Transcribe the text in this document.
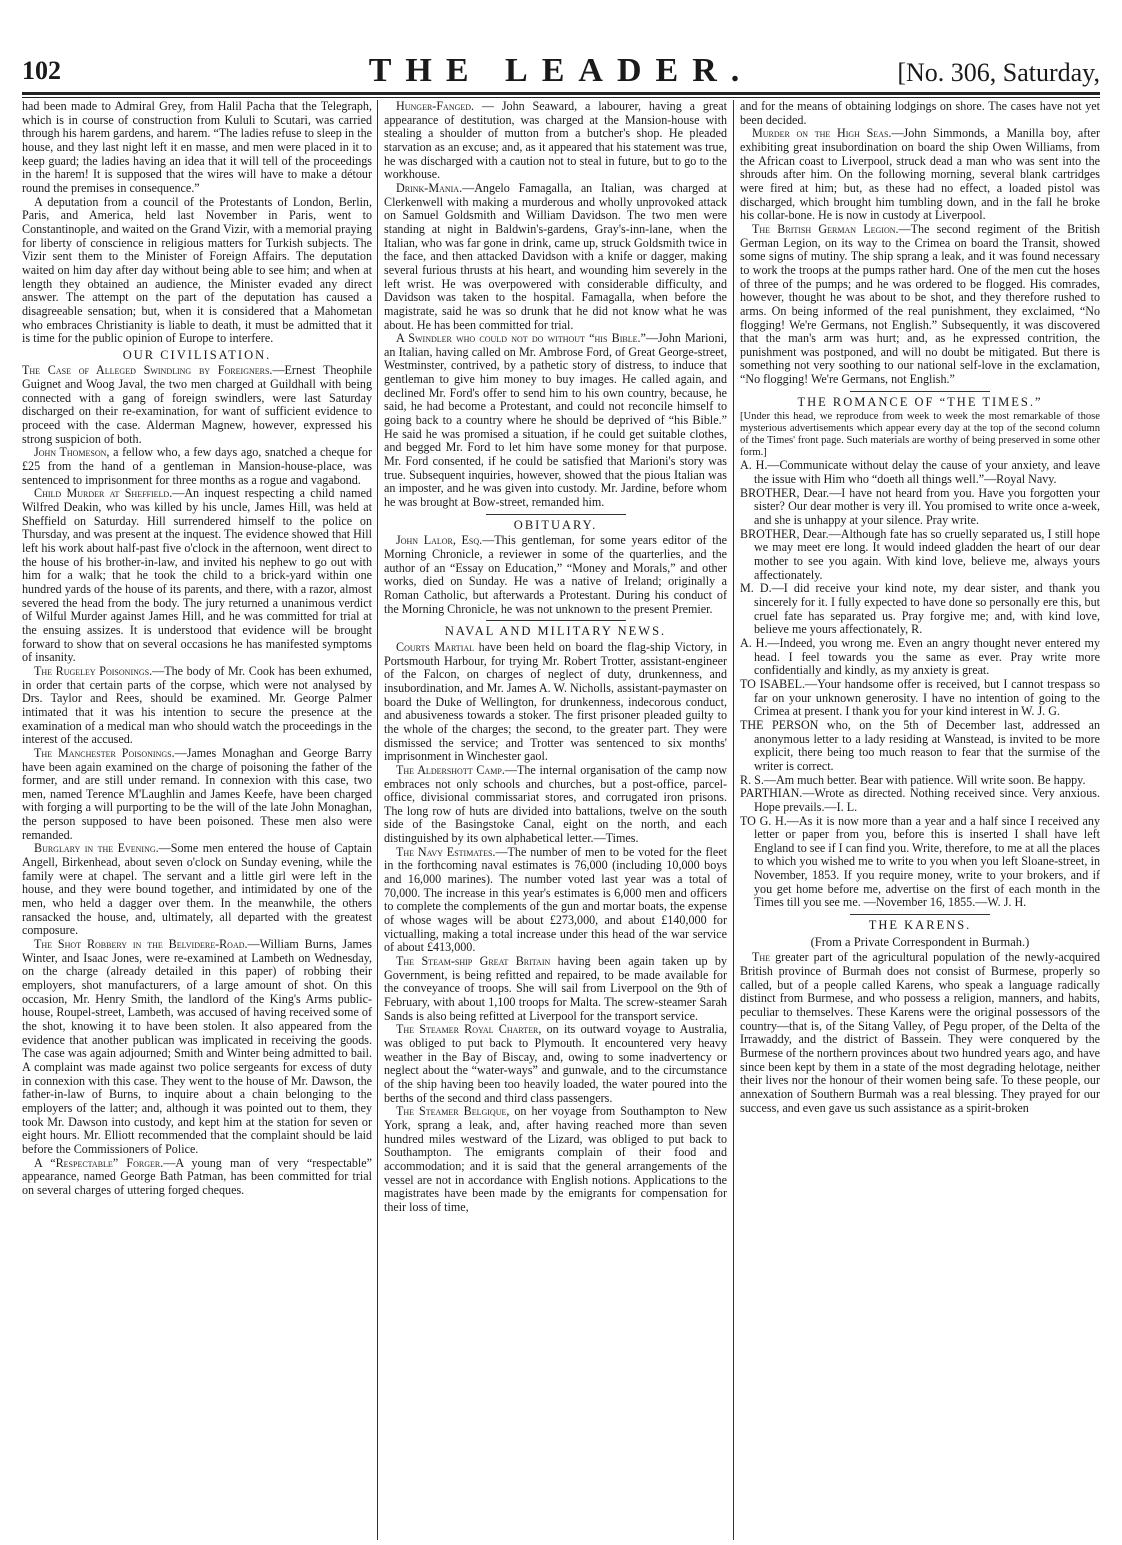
102	THE LEADER.	[No. 306, Saturday,

had been made to Admiral Grey, from Halil Pacha that the Telegraph, which is in course of construction from Kululi to Scutari, was carried through his harem gardens, and harem. “The ladies refuse to sleep in the house, and they last night left it en masse, and men were placed in it to keep guard; the ladies having an idea that it will tell of the proceedings in the harem! It is supposed that the wires will have to make a détour round the premises in consequence.”

A deputation from a council of the Protestants of London, Berlin, Paris, and America, held last November in Paris, went to Constantinople, and waited on the Grand Vizir, with a memorial praying for liberty of conscience in religious matters for Turkish subjects. The Vizir sent them to the Minister of Foreign Affairs. The deputation waited on him day after day without being able to see him; and when at length they obtained an audience, the Minister evaded any direct answer. The attempt on the part of the deputation has caused a disagreeable sensation; but, when it is considered that a Mahometan who embraces Christianity is liable to death, it must be admitted that it is time for the public opinion of Europe to interfere.

OUR CIVILISATION.

The Case of Alleged Swindling by Foreigners.—Ernest Theophile Guignet and Woog Javal, the two men charged at Guildhall with being connected with a gang of foreign swindlers, were last Saturday discharged on their re-examination, for want of sufficient evidence to proceed with the case. Alderman Magnew, however, expressed his strong suspicion of both.

John Thomeson, a fellow who, a few days ago, snatched a cheque for £25 from the hand of a gentleman in Mansion-house-place, was sentenced to imprisonment for three months as a rogue and vagabond.

Child Murder at Sheffield.—An inquest respecting a child named Wilfred Deakin, who was killed by his uncle, James Hill, was held at Sheffield on Saturday. Hill surrendered himself to the police on Thursday, and was present at the inquest. The evidence showed that Hill left his work about half-past five o'clock in the afternoon, went direct to the house of his brother-in-law, and invited his nephew to go out with him for a walk; that he took the child to a brick-yard within one hundred yards of the house of its parents, and there, with a razor, almost severed the head from the body. The jury returned a unanimous verdict of Wilful Murder against James Hill, and he was committed for trial at the ensuing assizes. It is understood that evidence will be brought forward to show that on several occasions he has manifested symptoms of insanity.

The Rugeley Poisonings.—The body of Mr. Cook has been exhumed, in order that certain parts of the corpse, which were not analysed by Drs. Taylor and Rees, should be examined. Mr. George Palmer intimated that it was his intention to secure the presence at the examination of a medical man who should watch the proceedings in the interest of the accused.

The Manchester Poisonings.—James Monaghan and George Barry have been again examined on the charge of poisoning the father of the former, and are still under remand. In connexion with this case, two men, named Terence M'Laughlin and James Keefe, have been charged with forging a will purporting to be the will of the late John Monaghan, the person supposed to have been poisoned. These men also were remanded.

Burglary in the Evening.—Some men entered the house of Captain Angell, Birkenhead, about seven o'clock on Sunday evening, while the family were at chapel. The servant and a little girl were left in the house, and they were bound together, and intimidated by one of the men, who held a dagger over them. In the meanwhile, the others ransacked the house, and, ultimately, all departed with the greatest composure.

The Shot Robbery in the Belvidere-Road.—William Burns, James Winter, and Isaac Jones, were re-examined at Lambeth on Wednesday, on the charge (already detailed in this paper) of robbing their employers, shot manufacturers, of a large amount of shot. On this occasion, Mr. Henry Smith, the landlord of the King's Arms public-house, Roupel-street, Lambeth, was accused of having received some of the shot, knowing it to have been stolen. It also appeared from the evidence that another publican was implicated in receiving the goods. The case was again adjourned; Smith and Winter being admitted to bail. A complaint was made against two police sergeants for excess of duty in connexion with this case. They went to the house of Mr. Dawson, the father-in-law of Burns, to inquire about a chain belonging to the employers of the latter; and, although it was pointed out to them, they took Mr. Dawson into custody, and kept him at the station for seven or eight hours. Mr. Elliott recommended that the complaint should be laid before the Commissioners of Police.

A “Respectable” Forger.—A young man of very “respectable” appearance, named George Bath Patman, has been committed for trial on several charges of uttering forged cheques.

Hunger-Fanged. — John Seaward, a labourer, having a great appearance of destitution, was charged at the Mansion-house with stealing a shoulder of mutton from a butcher's shop. He pleaded starvation as an excuse; and, as it appeared that his statement was true, he was discharged with a caution not to steal in future, but to go to the workhouse.

Drink-Mania.—Angelo Famagalla, an Italian, was charged at Clerkenwell with making a murderous and wholly unprovoked attack on Samuel Goldsmith and William Davidson. The two men were standing at night in Baldwin's-gardens, Gray's-inn-lane, when the Italian, who was far gone in drink, came up, struck Goldsmith twice in the face, and then attacked Davidson with a knife or dagger, making several furious thrusts at his heart, and wounding him severely in the left wrist. He was overpowered with considerable difficulty, and Davidson was taken to the hospital. Famagalla, when before the magistrate, said he was so drunk that he did not know what he was about. He has been committed for trial.

A Swindler who could not do without “his Bible.”—John Marioni, an Italian, having called on Mr. Ambrose Ford, of Great George-street, Westminster, contrived, by a pathetic story of distress, to induce that gentleman to give him money to buy images. He called again, and declined Mr. Ford's offer to send him to his own country, because, he said, he had become a Protestant, and could not reconcile himself to going back to a country where he should be deprived of “his Bible.” He said he was promised a situation, if he could get suitable clothes, and begged Mr. Ford to let him have some money for that purpose. Mr. Ford consented, if he could be satisfied that Marioni's story was true. Subsequent inquiries, however, showed that the pious Italian was an imposter, and he was given into custody. Mr. Jardine, before whom he was brought at Bow-street, remanded him.

OBITUARY.

John Lalor, Esq.—This gentleman, for some years editor of the Morning Chronicle, a reviewer in some of the quarterlies, and the author of an “Essay on Education,” “Money and Morals,” and other works, died on Sunday. He was a native of Ireland; originally a Roman Catholic, but afterwards a Protestant. During his conduct of the Morning Chronicle, he was not unknown to the present Premier.

NAVAL AND MILITARY NEWS.

Courts Martial have been held on board the flag-ship Victory, in Portsmouth Harbour, for trying Mr. Robert Trotter, assistant-engineer of the Falcon, on charges of neglect of duty, drunkenness, and insubordination, and Mr. James A. W. Nicholls, assistant-paymaster on board the Duke of Wellington, for drunkenness, indecorous conduct, and abusiveness towards a stoker. The first prisoner pleaded guilty to the whole of the charges; the second, to the greater part. They were dismissed the service; and Trotter was sentenced to six months' imprisonment in Winchester gaol.

The Aldershott Camp.—The internal organisation of the camp now embraces not only schools and churches, but a post-office, parcel-office, divisional commissariat stores, and corrugated iron prisons. The long row of huts are divided into battalions, twelve on the south side of the Basingstoke Canal, eight on the north, and each distinguished by its own alphabetical letter.—Times.

The Navy Estimates.—The number of men to be voted for the fleet in the forthcoming naval estimates is 76,000 (including 10,000 boys and 16,000 marines). The number voted last year was a total of 70,000. The increase in this year's estimates is 6,000 men and officers to complete the complements of the gun and mortar boats, the expense of whose wages will be about £273,000, and about £140,000 for victualling, making a total increase under this head of the war service of about £413,000.

The Steam-ship Great Britain having been again taken up by Government, is being refitted and repaired, to be made available for the conveyance of troops. She will sail from Liverpool on the 9th of February, with about 1,100 troops for Malta. The screw-steamer Sarah Sands is also being refitted at Liverpool for the transport service.

The Steamer Royal Charter, on its outward voyage to Australia, was obliged to put back to Plymouth. It encountered very heavy weather in the Bay of Biscay, and, owing to some inadvertency or neglect about the “water-ways” and gunwale, and to the circumstance of the ship having been too heavily loaded, the water poured into the berths of the second and third class passengers.

The Steamer Belgique, on her voyage from Southampton to New York, sprang a leak, and, after having reached more than seven hundred miles westward of the Lizard, was obliged to put back to Southampton. The emigrants complain of their food and accommodation; and it is said that the general arrangements of the vessel are not in accordance with English notions. Applications to the magistrates have been made by the emigrants for compensation for their loss of time,

and for the means of obtaining lodgings on shore. The cases have not yet been decided.

Murder on the High Seas.—John Simmonds, a Manilla boy, after exhibiting great insubordination on board the ship Owen Williams, from the African coast to Liverpool, struck dead a man who was sent into the shrouds after him. On the following morning, several blank cartridges were fired at him; but, as these had no effect, a loaded pistol was discharged, which brought him tumbling down, and in the fall he broke his collar-bone. He is now in custody at Liverpool.

The British German Legion.—The second regiment of the British German Legion, on its way to the Crimea on board the Transit, showed some signs of mutiny. The ship sprang a leak, and it was found necessary to work the troops at the pumps rather hard. One of the men cut the hoses of three of the pumps; and he was ordered to be flogged. His comrades, however, thought he was about to be shot, and they therefore rushed to arms. On being informed of the real punishment, they exclaimed, “No flogging! We're Germans, not English.” Subsequently, it was discovered that the man's arm was hurt; and, as he expressed contrition, the punishment was postponed, and will no doubt be mitigated. But there is something not very soothing to our national self-love in the exclamation, “No flogging! We're Germans, not English.”

THE ROMANCE OF “THE TIMES.”

[Under this head, we reproduce from week to week the most remarkable of those mysterious advertisements which appear every day at the top of the second column of the Times' front page. Such materials are worthy of being preserved in some other form.]

A. H.—Communicate without delay the cause of your anxiety, and leave the issue with Him who “doeth all things well.”—Royal Navy.

BROTHER, Dear.—I have not heard from you. Have you forgotten your sister? Our dear mother is very ill. You promised to write once a-week, and she is unhappy at your silence. Pray write.

BROTHER, Dear.—Although fate has so cruelly separated us, I still hope we may meet ere long. It would indeed gladden the heart of our dear mother to see you again. With kind love, believe me, always yours affectionately.

M. D.—I did receive your kind note, my dear sister, and thank you sincerely for it. I fully expected to have done so personally ere this, but cruel fate has separated us. Pray forgive me; and, with kind love, believe me yours affectionately, R.

A. H.—Indeed, you wrong me. Even an angry thought never entered my head. I feel towards you the same as ever. Pray write more confidentially and kindly, as my anxiety is great.

TO ISABEL.—Your handsome offer is received, but I cannot trespass so far on your unknown generosity. I have no intention of going to the Crimea at present. I thank you for your kind interest in W. J. G.

THE PERSON who, on the 5th of December last, addressed an anonymous letter to a lady residing at Wanstead, is invited to be more explicit, there being too much reason to fear that the surmise of the writer is correct.

R. S.—Am much better. Bear with patience. Will write soon. Be happy.

PARTHIAN.—Wrote as directed. Nothing received since. Very anxious. Hope prevails.—I. L.

TO G. H.—As it is now more than a year and a half since I received any letter or paper from you, before this is inserted I shall have left England to see if I can find you. Write, therefore, to me at all the places to which you wished me to write to you when you left Sloane-street, in November, 1853. If you require money, write to your brokers, and if you get home before me, advertise on the first of each month in the Times till you see me. —November 16, 1855.—W. J. H.

THE KARENS.
(From a Private Correspondent in Burmah.)

The greater part of the agricultural population of the newly-acquired British province of Burmah does not consist of Burmese, properly so called, but of a people called Karens, who speak a language radically distinct from Burmese, and who possess a religion, manners, and habits, peculiar to themselves. These Karens were the original possessors of the country—that is, of the Sitang Valley, of Pegu proper, of the Delta of the Irrawaddy, and the district of Bassein. They were conquered by the Burmese of the northern provinces about two hundred years ago, and have since been kept by them in a state of the most degrading helotage, neither their lives nor the honour of their women being safe. To these people, our annexation of Southern Burmah was a real blessing. They prayed for our success, and even gave us such assistance as a spirit-broken
